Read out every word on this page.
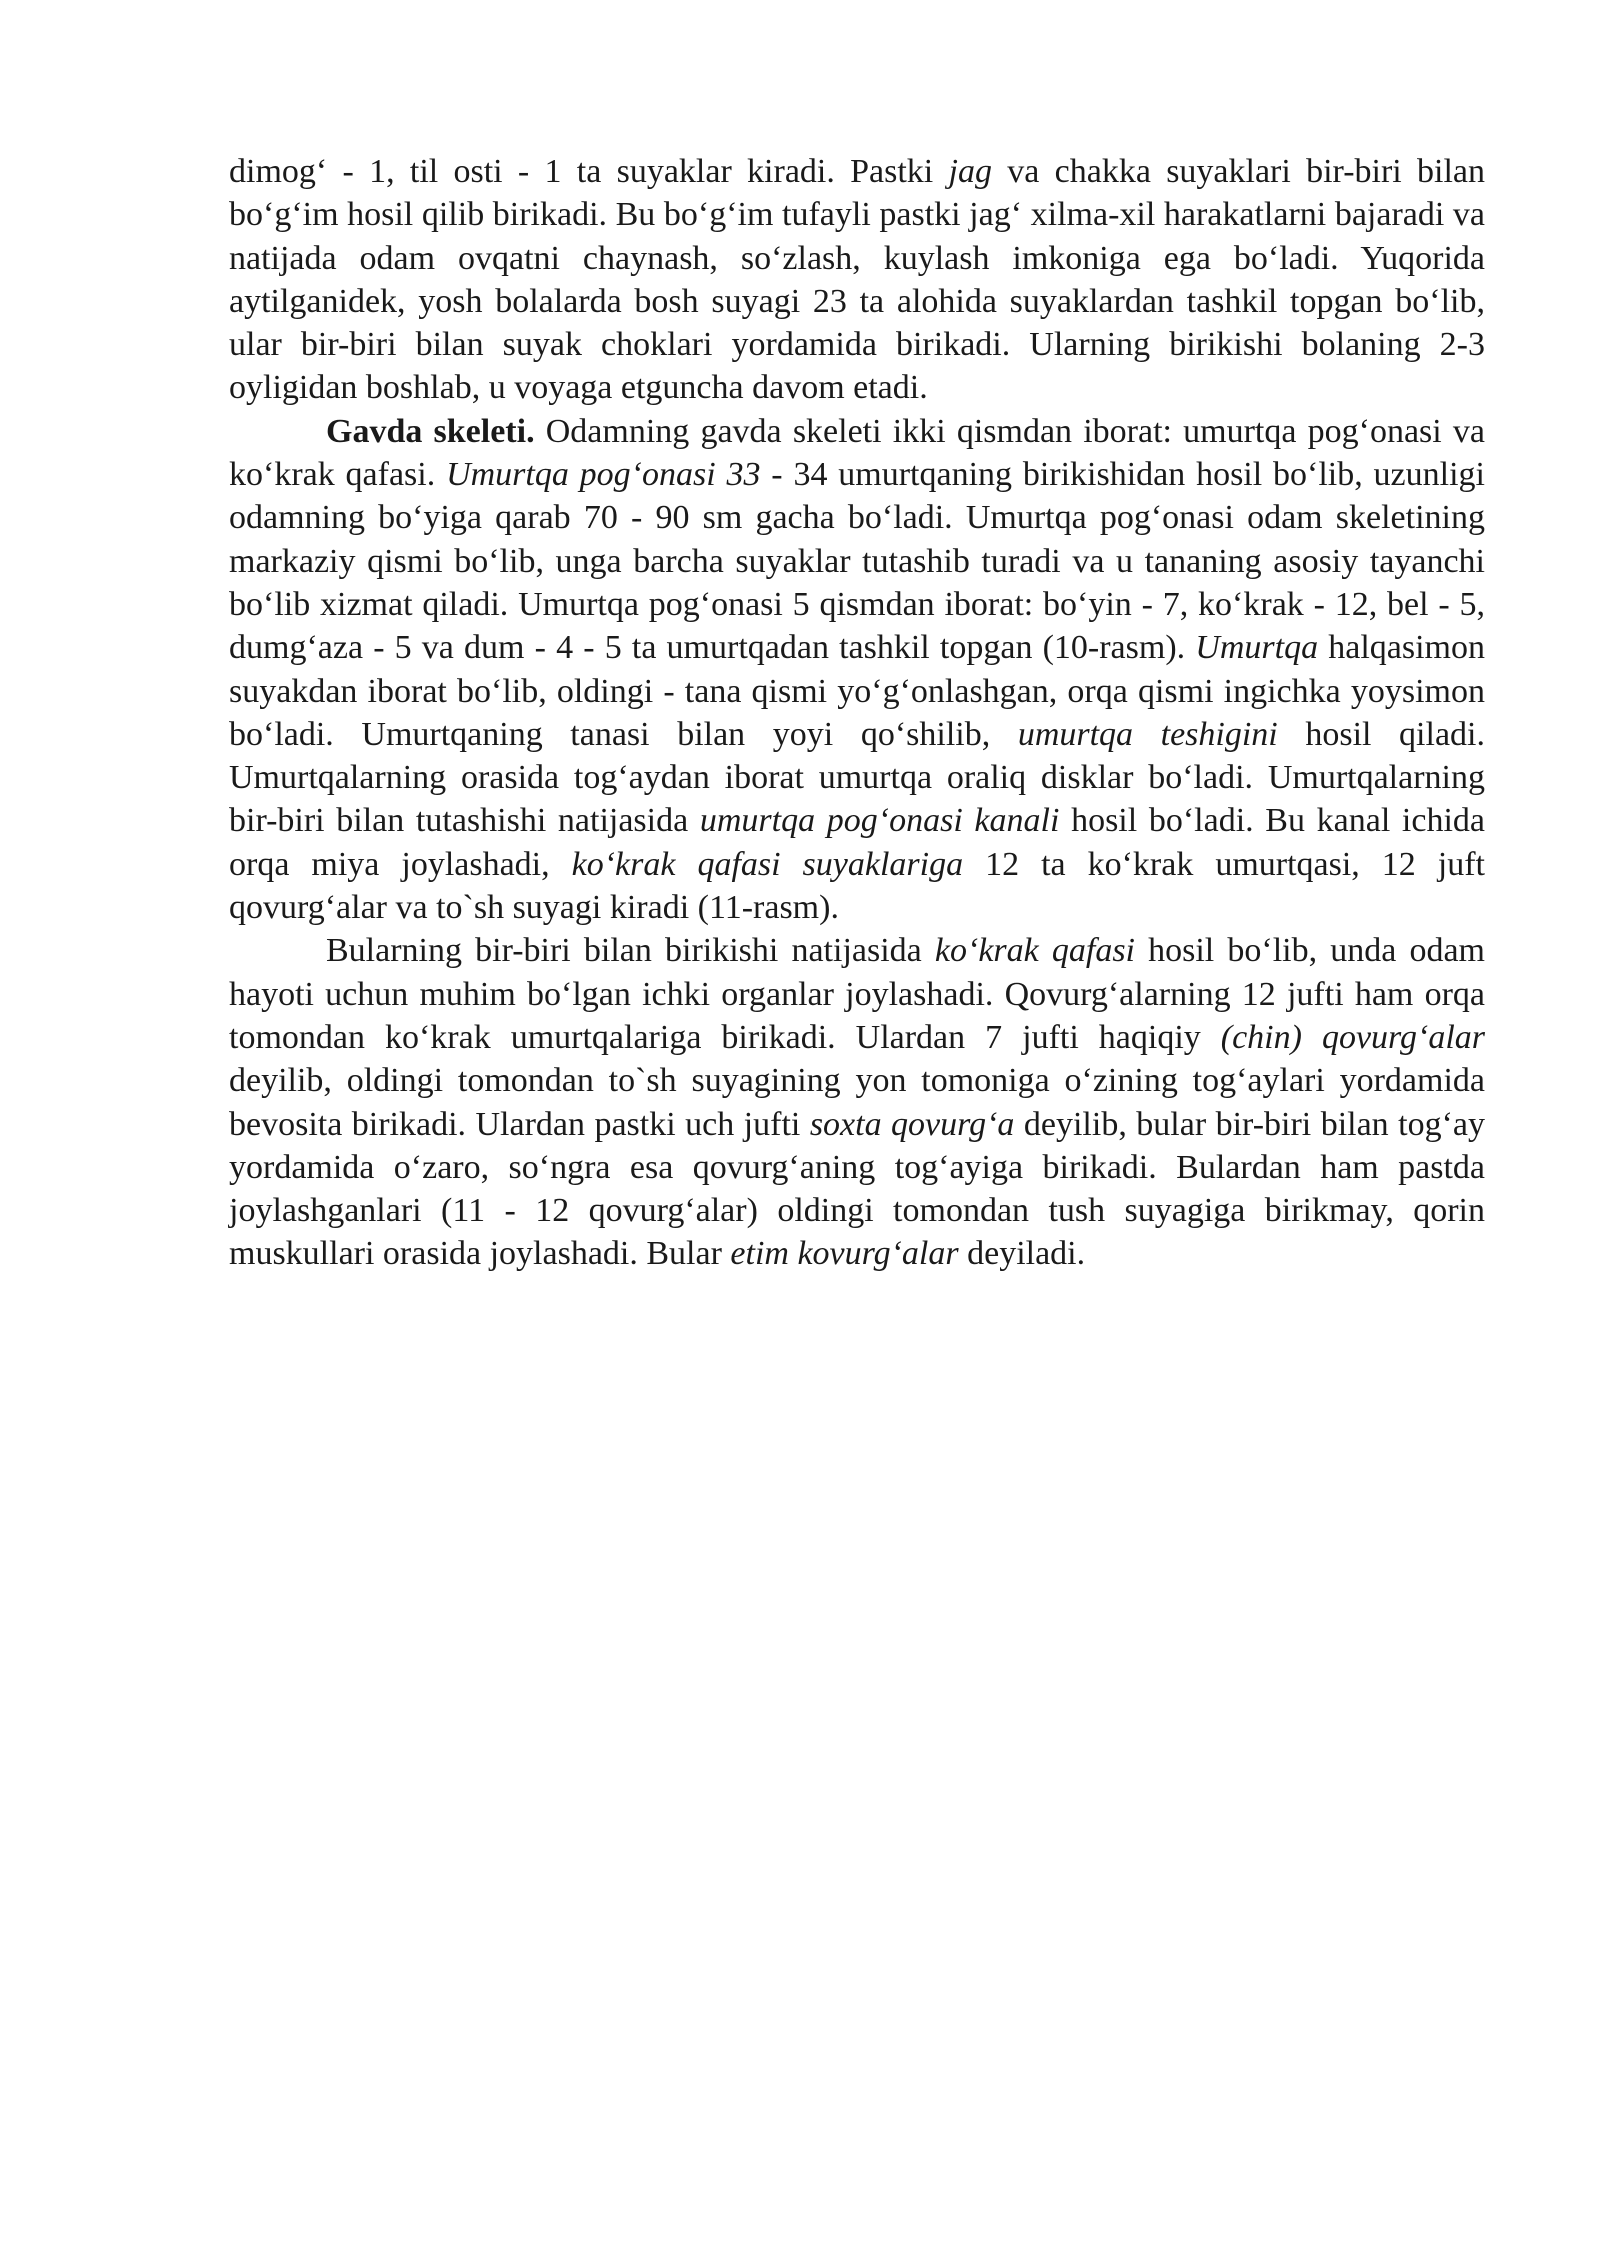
dimog‘ - 1, til osti - 1 ta suyaklar kiradi. Pastki jag va chakka suyaklari bir-biri bilan bo‘g‘im hosil qilib birikadi. Bu bo‘g‘im tufayli pastki jag‘ xilma-xil harakatlarni bajaradi va natijada odam ovqatni chaynash, so‘zlash, kuylash imkoniga ega bo‘ladi. Yuqorida aytilganidek, yosh bolalarda bosh suyagi 23 ta alohida suyaklardan tashkil topgan bo‘lib, ular bir-biri bilan suyak choklari yordamida birikadi. Ularning birikishi bolaning 2-3 oyligidan boshlab, u voyaga etguncha davom etadi.

Gavda skeleti. Odamning gavda skeleti ikki qismdan iborat: umurtqa pog‘onasi va ko‘krak qafasi. Umurtqa pog‘onasi 33 - 34 umurtqaning birikishidan hosil bo‘lib, uzunligi odamning bo‘yiga qarab 70 - 90 sm gacha bo‘ladi. Umurtqa pog‘onasi odam skeletining markaziy qismi bo‘lib, unga barcha suyaklar tutashib turadi va u tananing asosiy tayanchi bo‘lib xizmat qiladi. Umurtqa pog‘onasi 5 qismdan iborat: bo‘yin - 7, ko‘krak - 12, bel - 5, dumg‘aza - 5 va dum - 4 - 5 ta umurtqadan tashkil topgan (10-rasm). Umurtqa halqasimon suyakdan iborat bo‘lib, oldingi - tana qismi yo‘g‘onlashgan, orqa qismi ingichka yoysimon bo‘ladi. Umurtqaning tanasi bilan yoyi qo‘shilib, umurtqa teshigini hosil qiladi. Umurtqalarning orasida tog‘aydan iborat umurtqa oraliq disklar bo‘ladi. Umurtqalarning bir-biri bilan tutashishi natijasida umurtqa pog‘onasi kanali hosil bo‘ladi. Bu kanal ichida orqa miya joylashadi, ko‘krak qafasi suyaklariga 12 ta ko‘krak umurtqasi, 12 juft qovurg‘alar va to`sh suyagi kiradi (11-rasm).

Bularning bir-biri bilan birikishi natijasida ko‘krak qafasi hosil bo‘lib, unda odam hayoti uchun muhim bo‘lgan ichki organlar joylashadi. Qovurg‘alarning 12 jufti ham orqa tomondan ko‘krak umurtqalariga birikadi. Ulardan 7 jufti haqiqiy (chin) qovurg‘alar deyilib, oldingi tomondan to`sh suyagining yon tomoniga o‘zining tog‘aylari yordamida bevosita birikadi. Ulardan pastki uch jufti soxta qovurg‘a deyilib, bular bir-biri bilan tog‘ay yordamida o‘zaro, so‘ngra esa qovurg‘aning tog‘ayiga birikadi. Bulardan ham pastda joylashganlari (11 - 12 qovurg‘alar) oldingi tomondan tush suyagiga birikmay, qorin muskullari orasida joylashadi. Bular etim kovurg‘alar deyiladi.
